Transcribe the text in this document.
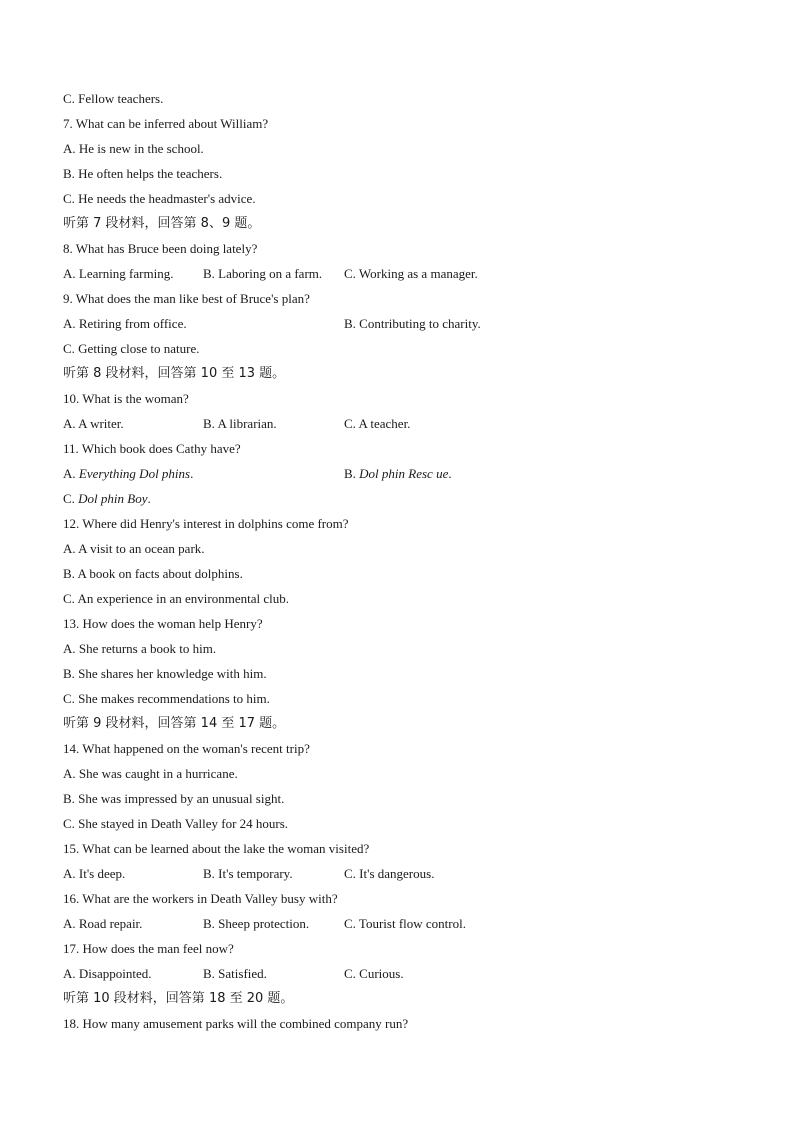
C. Fellow teachers.
7. What can be inferred about William?
A. He is new in the school.
B. He often helps the teachers.
C. He needs the headmaster's advice.
听第 7 段材料，回答第 8、9 题。
8. What has Bruce been doing lately?
A. Learning farming. B. Laboring on a farm. C. Working as a manager.
9. What does the man like best of Bruce's plan?
A. Retiring from office.	B. Contributing to charity.
C. Getting close to nature.
听第 8 段材料，回答第 10 至 13 题。
10. What is the woman?
A. A writer.	B. A librarian.	C. A teacher.
11. Which book does Cathy have?
A. Everything Dol phins.	B. Dol phin Resc ue.
C. Dol phin Boy.
12. Where did Henry's interest in dolphins come from?
A. A visit to an ocean park.
B. A book on facts about dolphins.
C. An experience in an environmental club.
13. How does the woman help Henry?
A. She returns a book to him.
B. She shares her knowledge with him.
C. She makes recommendations to him.
听第 9 段材料，回答第 14 至 17 题。
14. What happened on the woman's recent trip?
A. She was caught in a hurricane.
B. She was impressed by an unusual sight.
C. She stayed in Death Valley for 24 hours.
15. What can be learned about the lake the woman visited?
A. It's deep.	B. It's temporary.	C. It's dangerous.
16. What are the workers in Death Valley busy with?
A. Road repair.	B. Sheep protection.	C. Tourist flow control.
17. How does the man feel now?
A. Disappointed.	B. Satisfied.	C. Curious.
听第 10 段材料，回答第 18 至 20 题。
18. How many amusement parks will the combined company run?
